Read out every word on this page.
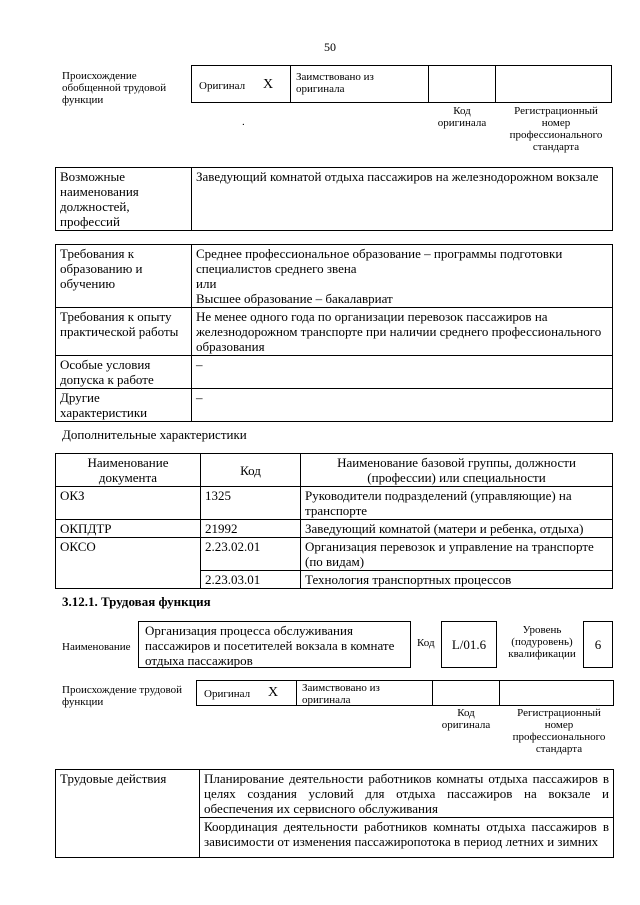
50
Происхождение обобщенной трудовой функции
Оригинал X Заимствовано из оригинала
Код оригинала
Регистрационный номер профессионального стандарта
.
Возможные наименования должностей, профессий	Заведующий комнатой отдыха пассажиров на железнодорожном вокзале
Требования к образованию и обучению	Среднее профессиональное образование – программы подготовки специалистов среднего звена
или
Высшее образование – бакалавриат

Требования к опыту практической работы	Не менее одного года по организации перевозок пассажиров на железнодорожном транспорте при наличии среднего профессионального образования
Особые условия допуска к работе	–
Другие характеристики	–
Дополнительные характеристики
Наименование документа	Код	Наименование базовой группы, должности (профессии) или специальности
ОКЗ	1325	Руководители подразделений (управляющие) на транспорте
ОКПДТР	21992	Заведующий комнатой (матери и ребенка, отдыха)
ОКСО	2.23.02.01	Организация перевозок и управление на транспорте (по видам)
	2.23.03.01	Технология транспортных процессов
3.12.1. Трудовая функция
Наименование
Организация процесса обслуживания пассажиров и посетителей вокзала в комнате отдыха пассажиров
Код	L/01.6
Уровень (подуровень) квалификации
6
Происхождение трудовой функции
Оригинал X Заимствовано из оригинала
Код оригинала
Регистрационный номер профессионального стандарта
Трудовые действия	Планирование деятельности работников комнаты отдыха пассажиров в целях создания условий для отдыха пассажиров на вокзале и обеспечения их сервисного обслуживания
Координация деятельности работников комнаты отдыха пассажиров в зависимости от изменения пассажиропотока в период летних и зимних
